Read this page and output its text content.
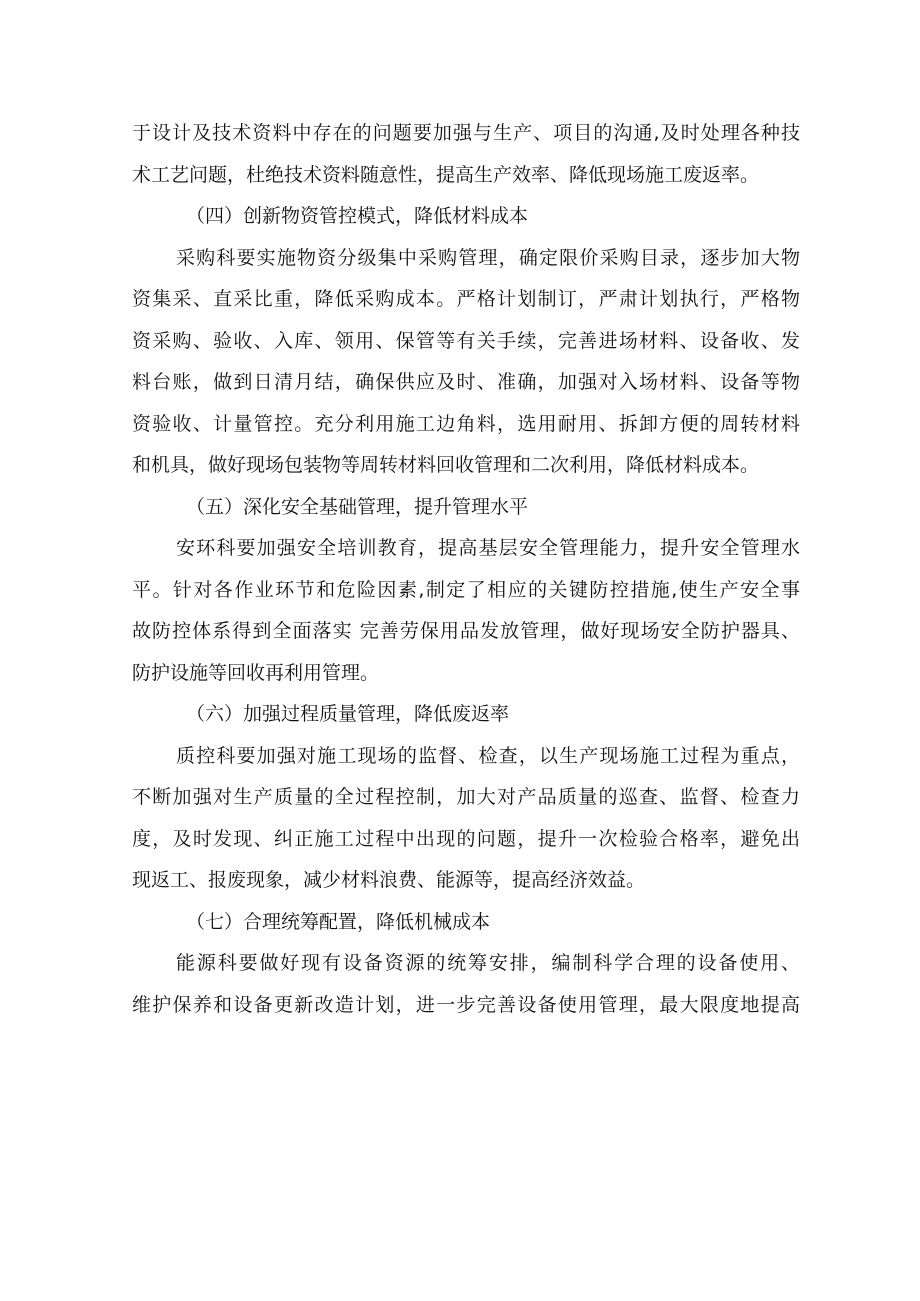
于设计及技术资料中存在的问题要加强与生产、项目的沟通,及时处理各种技
术工艺问题，杜绝技术资料随意性，提高生产效率、降低现场施工废返率。
（四）创新物资管控模式，降低材料成本
采购科要实施物资分级集中采购管理，确定限价采购目录，逐步加大物
资集采、直采比重，降低采购成本。严格计划制订，严肃计划执行，严格物
资采购、验收、入库、领用、保管等有关手续，完善进场材料、设备收、发
料台账，做到日清月结，确保供应及时、准确，加强对入场材料、设备等物
资验收、计量管控。充分利用施工边角料，选用耐用、拆卸方便的周转材料
和机具，做好现场包装物等周转材料回收管理和二次利用，降低材料成本。
（五）深化安全基础管理，提升管理水平
安环科要加强安全培训教育，提高基层安全管理能力，提升安全管理水
平。针对各作业环节和危险因素,制定了相应的关键防控措施,使生产安全事
故防控体系得到全面落实 完善劳保用品发放管理，做好现场安全防护器具、
防护设施等回收再利用管理。
（六）加强过程质量管理，降低废返率
质控科要加强对施工现场的监督、检查，以生产现场施工过程为重点，
不断加强对生产质量的全过程控制，加大对产品质量的巡查、监督、检查力
度，及时发现、纠正施工过程中出现的问题，提升一次检验合格率，避免出
现返工、报废现象，减少材料浪费、能源等，提高经济效益。
（七）合理统筹配置，降低机械成本
能源科要做好现有设备资源的统筹安排，编制科学合理的设备使用、
维护保养和设备更新改造计划，进一步完善设备使用管理，最大限度地提高
